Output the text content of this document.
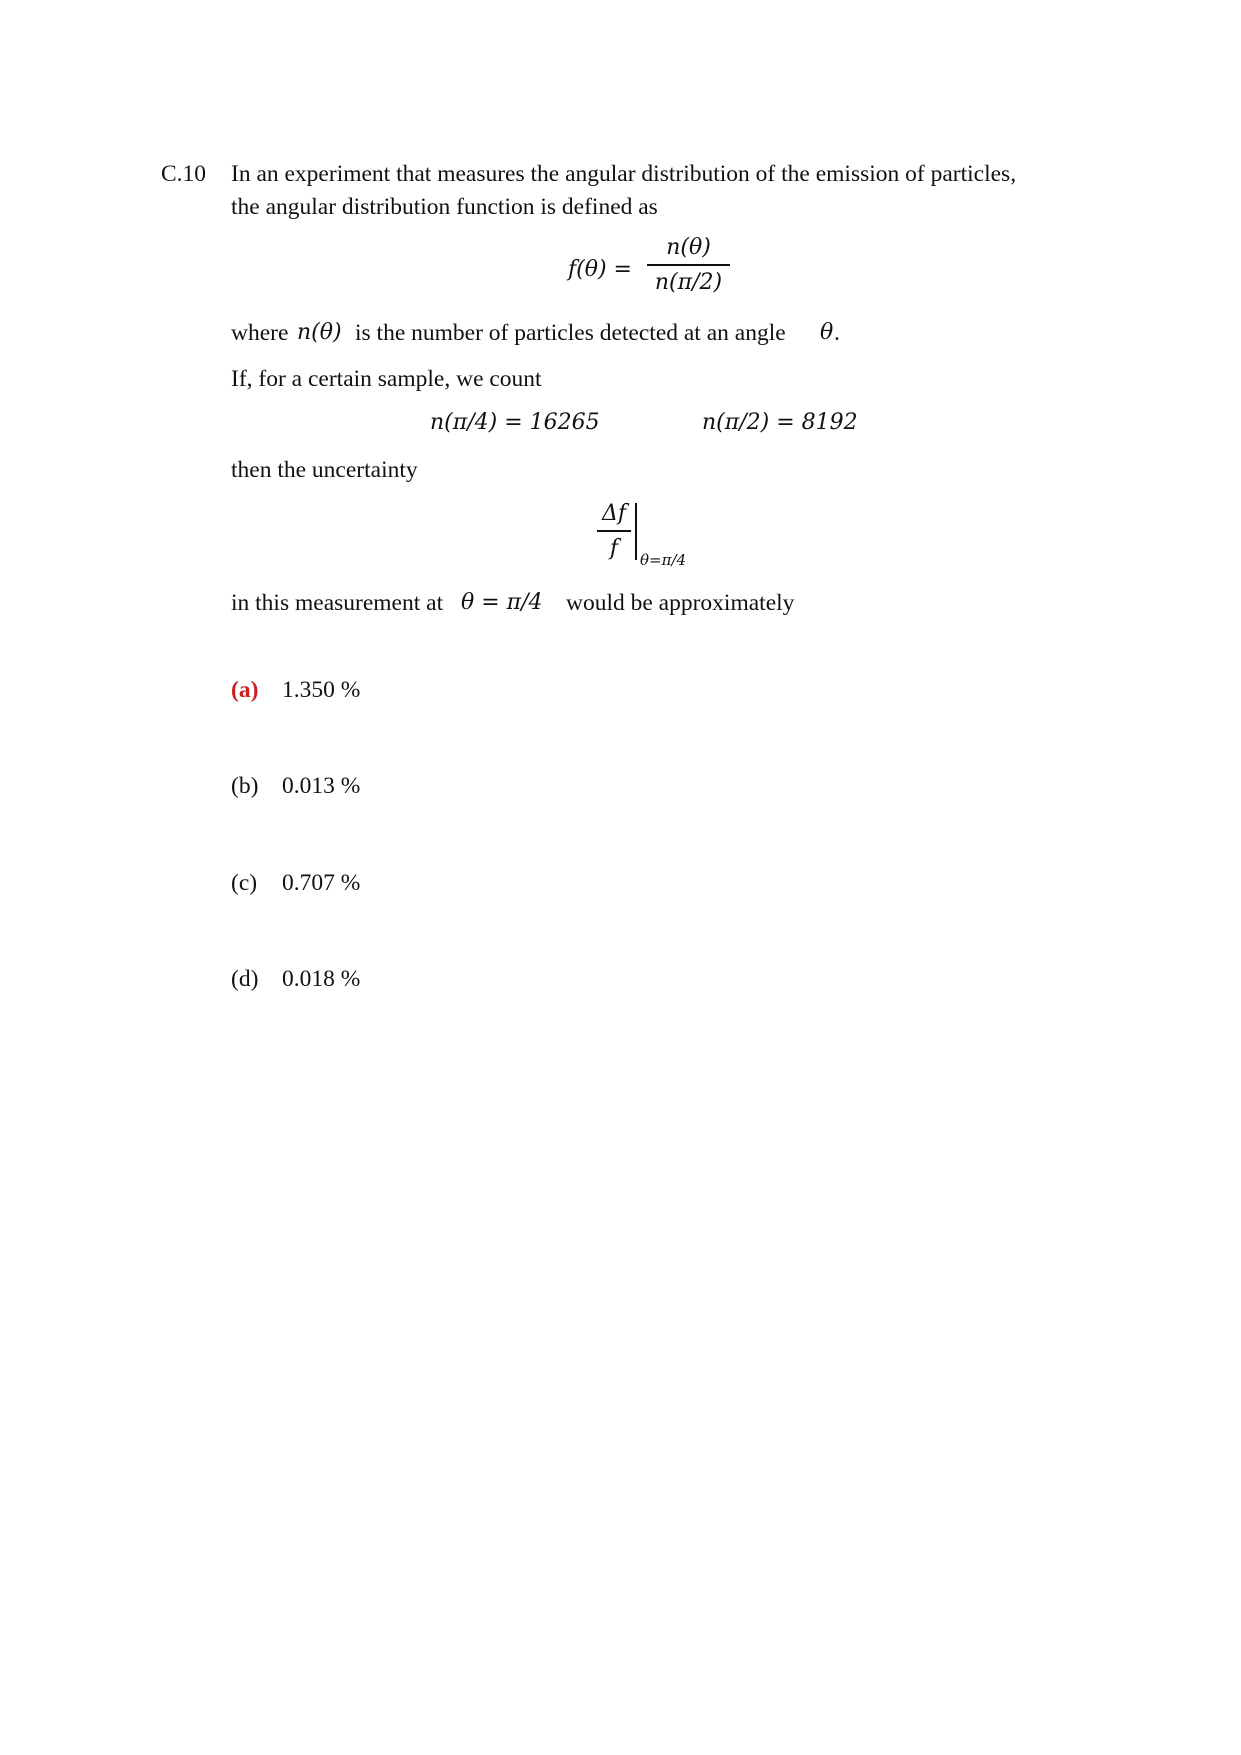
C.10 In an experiment that measures the angular distribution of the emission of particles,
the angular distribution function is defined as
f(θ) =
n(θ)
n(π/2)
where n(θ) is the number of particles detected at an angle θ .
If, for a certain sample, we count
n(π/4) = 16265	n(π/2) = 8192
then the uncertainty
Δf
f θ=π/4
in this measurement at θ = π/4 would be approximately
(a) 1.350 %
(b) 0.013 %
(c) 0.707 %
(d) 0.018 %
